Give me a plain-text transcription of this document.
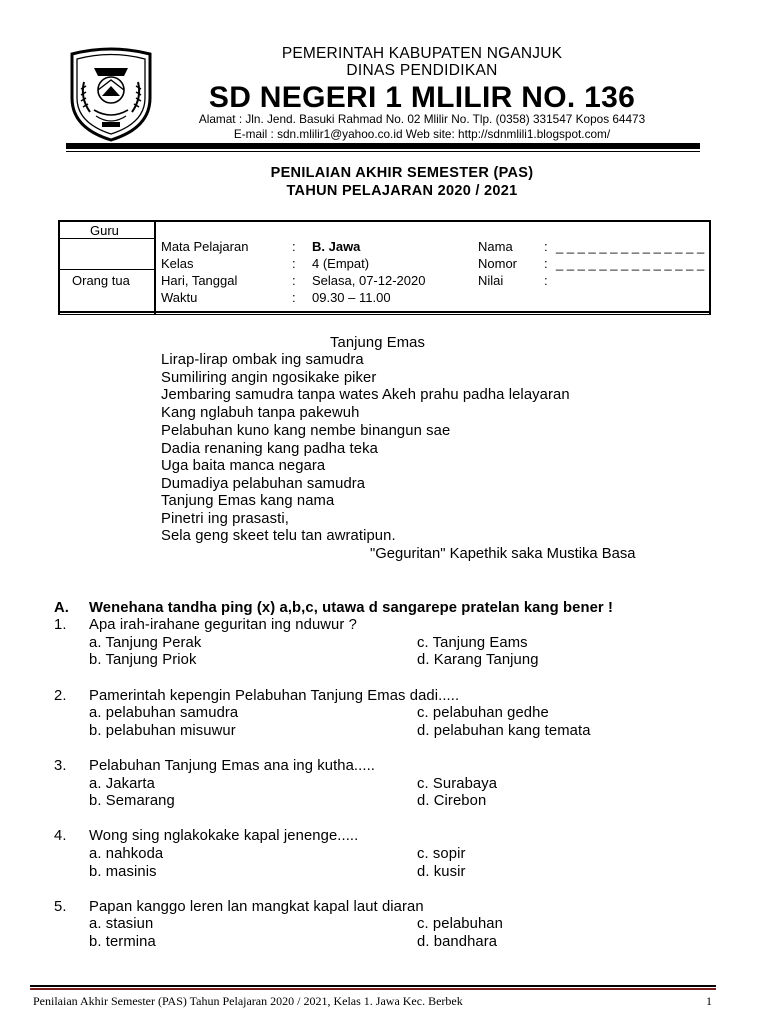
PEMERINTAH KABUPATEN NGANJUK
DINAS PENDIDIKAN
SD NEGERI 1 MLILIR NO. 136
Alamat : Jln. Jend. Basuki Rahmad No. 02 Mlilir No. Tlp. (0358) 331547 Kopos 64473
E-mail : sdn.mlilir1@yahoo.co.id Web site: http://sdnmlili1.blogspot.com/
PENILAIAN AKHIR SEMESTER (PAS)
TAHUN PELAJARAN 2020 / 2021
Guru
Orang tua
Mata Pelajaran	: B. Jawa
Kelas	: 4 (Empat)
Hari, Tanggal	: Selasa, 07-12-2020
Waktu	: 09.30 – 11.00
Nama : _ _ _ _ _ _ _ _ _ _ _ _ _ _
Nomor : _ _ _ _ _ _ _ _ _ _ _ _ _ _
Nilai	:
Tanjung Emas
Lirap-lirap ombak ing samudra
Sumiliring angin ngosikake piker
Jembaring samudra tanpa wates Akeh prahu padha lelayaran
Kang nglabuh tanpa pakewuh
Pelabuhan kuno kang nembe binangun sae
Dadia renaning kang padha teka
Uga baita manca negara
Dumadiya pelabuhan samudra
Tanjung Emas kang nama
Pinetri ing prasasti,
Sela geng skeet telu tan awratipun.
"Geguritan" Kapethik saka Mustika Basa
A. Wenehana tandha ping (x) a,b,c, utawa d sangarepe pratelan kang bener !
1. Apa irah-irahane geguritan ing nduwur ?
a. Tanjung Perak	c. Tanjung Eams
b. Tanjung Priok	d. Karang Tanjung
2. Pamerintah kepengin Pelabuhan Tanjung Emas dadi.....
a. pelabuhan samudra	c. pelabuhan gedhe
b. pelabuhan misuwur	d. pelabuhan kang temata
3. Pelabuhan Tanjung Emas ana ing kutha.....
a. Jakarta	c. Surabaya
b. Semarang	d. Cirebon
4. Wong sing nglakokake kapal jenenge.....
a. nahkoda	c. sopir
b. masinis	d. kusir
5. Papan kanggo leren lan mangkat kapal laut diaran
a. stasiun	c. pelabuhan
b. termina	d. bandhara
Penilaian Akhir Semester (PAS) Tahun Pelajaran 2020 / 2021, Kelas 1. Jawa Kec. Berbek	1
